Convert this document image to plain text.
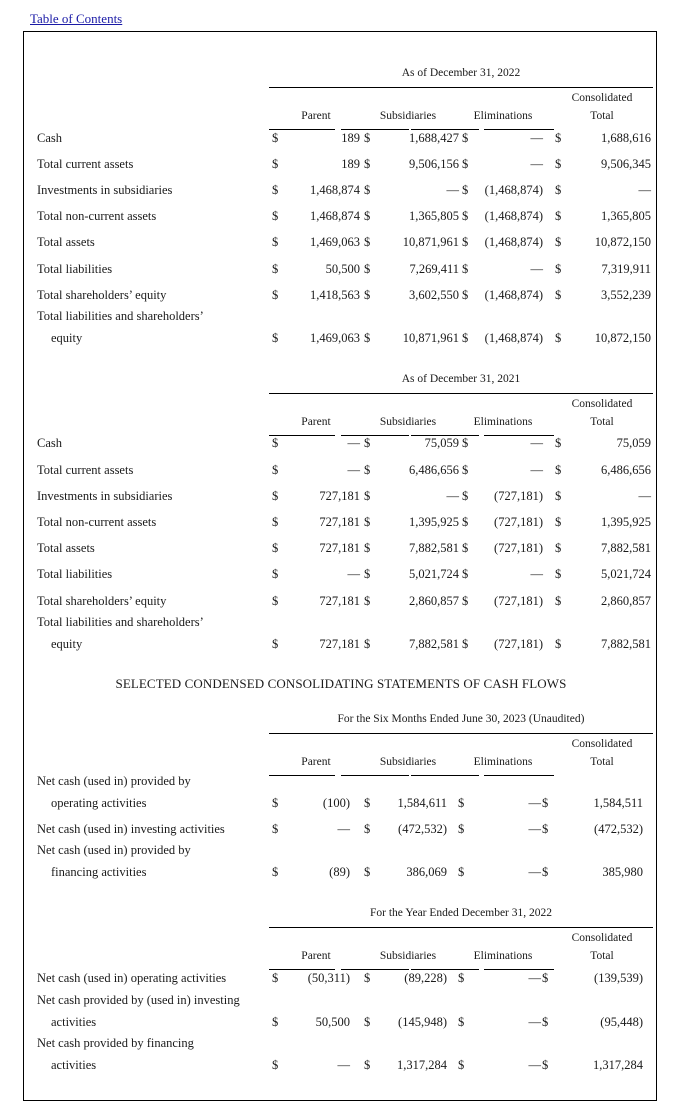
Table of Contents
As of December 31, 2022
Parent	Subsidiaries	Eliminations
Consolidated
Total
Cash	$	189 $	1,688,427 $	— $	1,688,616
Total current assets	$	189 $	9,506,156 $	— $	9,506,345
Investments in subsidiaries	$	1,468,874 $	— $	(1,468,874) $	—
Total non-current assets	$	1,468,874 $	1,365,805 $	(1,468,874) $	1,365,805
Total assets	$	1,469,063 $	10,871,961 $	(1,468,874) $	10,872,150
Total liabilities	$	50,500 $	7,269,411 $	— $	7,319,911
Total shareholders’ equity	$	1,418,563 $	3,602,550 $	(1,468,874) $	3,552,239
Total liabilities and shareholders’
equity	$	1,469,063 $	10,871,961 $	(1,468,874) $	10,872,150
As of December 31, 2021
Parent	Subsidiaries	Eliminations
Consolidated
Total
Cash	$	— $	75,059 $	— $	75,059
Total current assets	$	— $	6,486,656 $	— $	6,486,656
Investments in subsidiaries	$	727,181 $	— $	(727,181) $	—
Total non-current assets	$	727,181 $	1,395,925 $	(727,181) $	1,395,925
Total assets	$	727,181 $	7,882,581 $	(727,181) $	7,882,581
Total liabilities	$	— $	5,021,724 $	— $	5,021,724
Total shareholders’ equity	$	727,181 $	2,860,857 $	(727,181) $	2,860,857
Total liabilities and shareholders’
equity	$	727,181 $	7,882,581 $	(727,181) $	7,882,581
SELECTED CONDENSED CONSOLIDATING STATEMENTS OF CASH FLOWS
For the Six Months Ended June 30, 2023 (Unaudited)
Parent	Subsidiaries	Eliminations
Consolidated
Total
Net cash (used in) provided by
operating activities	$	(100) $	1,584,611 $	— $	1,584,511
Net cash (used in) investing activities	$	— $	(472,532) $	— $	(472,532)
Net cash (used in) provided by
financing activities	$	(89) $	386,069 $	— $	385,980
For the Year Ended December 31, 2022
Parent	Subsidiaries	Eliminations
Consolidated
Total
Net cash (used in) operating activities	$	(50,311) $	(89,228) $	— $	(139,539)
Net cash provided by (used in) investing
activities	$	50,500 $	(145,948) $	— $	(95,448)
Net cash provided by financing
activities	$	— $	1,317,284 $	— $	1,317,284
